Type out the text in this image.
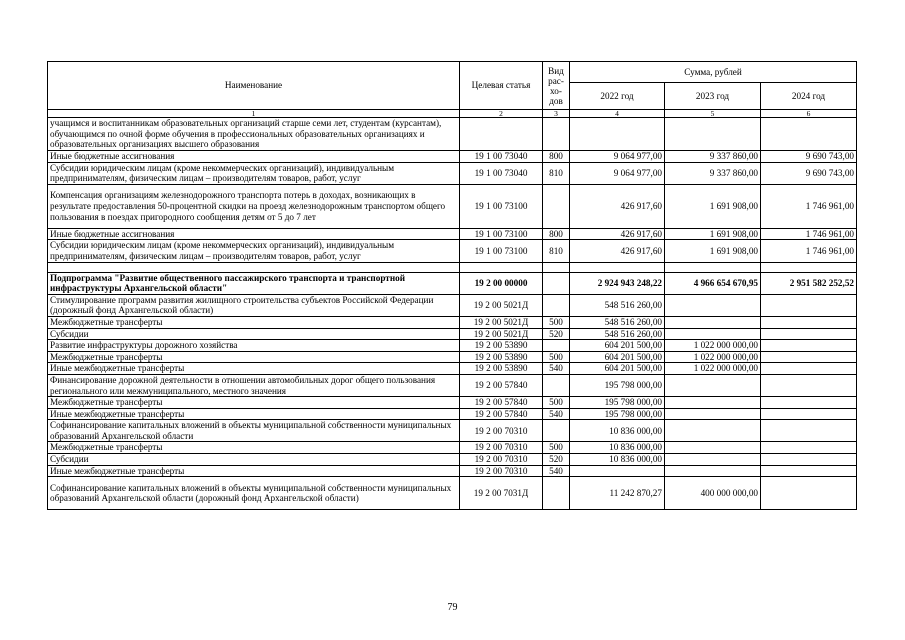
Наименование	Целевая статья	Вид рас-хо-дов	Сумма, рублей		
			2022 год	2023 год	2024 год
1	2	3	4	5	6
учащимся и воспитанникам образовательных организаций старше семи лет, студентам (курсантам), обучающимся по очной форме обучения в профессиональных образовательных организациях и образовательных организациях высшего образования					
Иные бюджетные ассигнования	19 1 00 73040	800	9 064 977,00	9 337 860,00	9 690 743,00
Субсидии юридическим лицам (кроме некоммерческих организаций), индивидуальным предпринимателям, физическим лицам – производителям товаров, работ, услуг	19 1 00 73040	810	9 064 977,00	9 337 860,00	9 690 743,00
Компенсация организациям железнодорожного транспорта потерь в доходах, возникающих в результате предоставления 50-процентной скидки на проезд железнодорожным транспортом общего пользования в поездах пригородного сообщения детям от 5 до 7 лет	19 1 00 73100		426 917,60	1 691 908,00	1 746 961,00
Иные бюджетные ассигнования	19 1 00 73100	800	426 917,60	1 691 908,00	1 746 961,00
Субсидии юридическим лицам (кроме некоммерческих организаций), индивидуальным предпринимателям, физическим лицам – производителям товаров, работ, услуг	19 1 00 73100	810	426 917,60	1 691 908,00	1 746 961,00

Подпрограмма "Развитие общественного пассажирского транспорта и транспортной инфраструктуры Архангельской области"	19 2 00 00000		2 924 943 248,22	4 966 654 670,95	2 951 582 252,52
Стимулирование программ развития жилищного строительства субъектов Российской Федерации (дорожный фонд Архангельской области)	19 2 00 5021Д		548 516 260,00		
Межбюджетные трансферты	19 2 00 5021Д	500	548 516 260,00		
Субсидии	19 2 00 5021Д	520	548 516 260,00		
Развитие инфраструктуры дорожного хозяйства	19 2 00 53890		604 201 500,00	1 022 000 000,00	
Межбюджетные трансферты	19 2 00 53890	500	604 201 500,00	1 022 000 000,00	
Иные межбюджетные трансферты	19 2 00 53890	540	604 201 500,00	1 022 000 000,00	
Финансирование дорожной деятельности в отношении автомобильных дорог общего пользования регионального или межмуниципального, местного значения	19 2 00 57840		195 798 000,00		
Межбюджетные трансферты	19 2 00 57840	500	195 798 000,00		
Иные межбюджетные трансферты	19 2 00 57840	540	195 798 000,00		
Софинансирование капитальных вложений в объекты муниципальной собственности муниципальных образований Архангельской области	19 2 00 70310		10 836 000,00		
Межбюджетные трансферты	19 2 00 70310	500	10 836 000,00		
Субсидии	19 2 00 70310	520	10 836 000,00		
Иные межбюджетные трансферты	19 2 00 70310	540			
Софинансирование капитальных вложений в объекты муниципальной собственности муниципальных образований Архангельской области (дорожный фонд Архангельской области)	19 2 00 7031Д		11 242 870,27	400 000 000,00	
79
